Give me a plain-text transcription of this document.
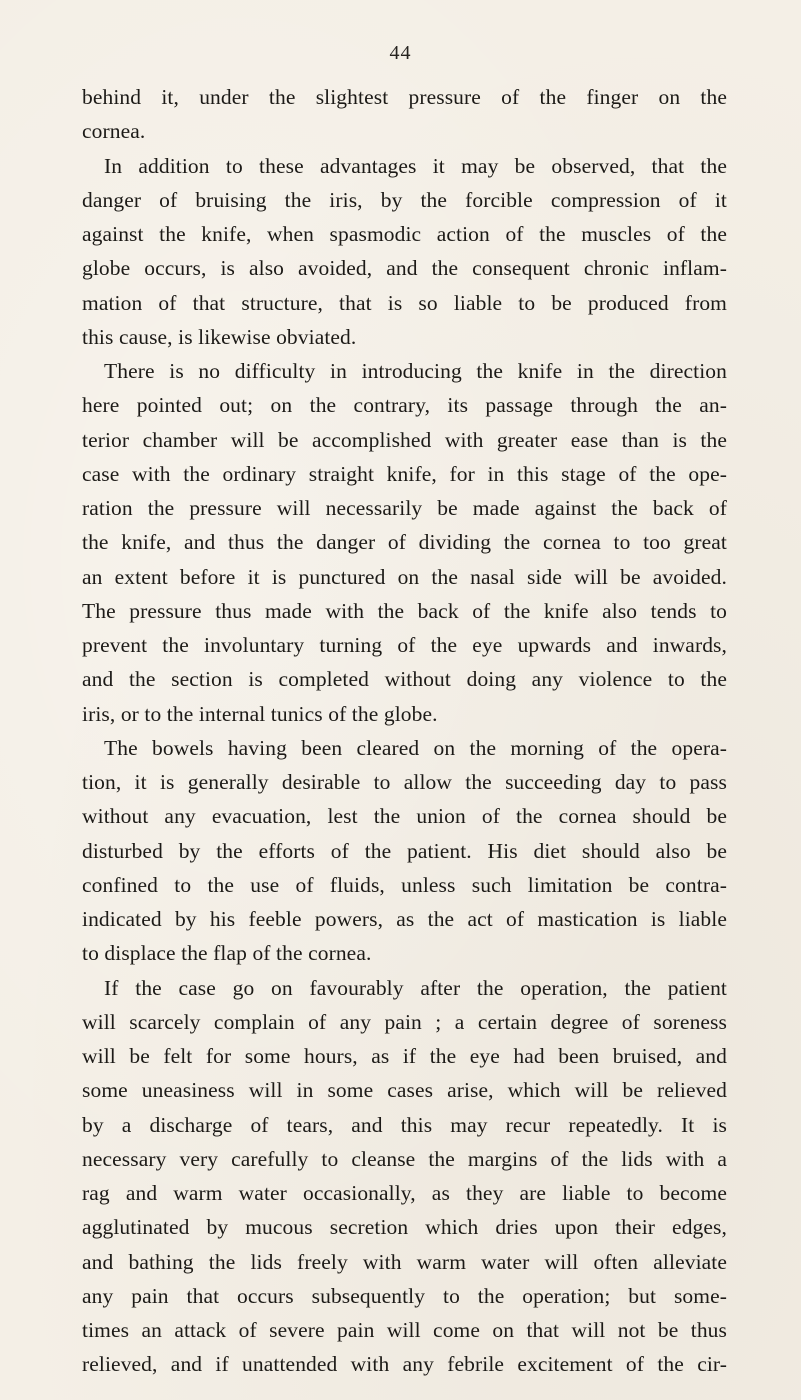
44
behind it, under the slightest pressure of the finger on the
cornea.
In addition to these advantages it may be observed, that the
danger of bruising the iris, by the forcible compression of it
against the knife, when spasmodic action of the muscles of the
globe occurs, is also avoided, and the consequent chronic inflam-
mation of that structure, that is so liable to be produced from
this cause, is likewise obviated.
There is no difficulty in introducing the knife in the direction
here pointed out; on the contrary, its passage through the an-
terior chamber will be accomplished with greater ease than is the
case with the ordinary straight knife, for in this stage of the ope-
ration the pressure will necessarily be made against the back of
the knife, and thus the danger of dividing the cornea to too great
an extent before it is punctured on the nasal side will be avoided.
The pressure thus made with the back of the knife also tends to
prevent the involuntary turning of the eye upwards and inwards,
and the section is completed without doing any violence to the
iris, or to the internal tunics of the globe.
The bowels having been cleared on the morning of the opera-
tion, it is generally desirable to allow the succeeding day to pass
without any evacuation, lest the union of the cornea should be
disturbed by the efforts of the patient. His diet should also be
confined to the use of fluids, unless such limitation be contra-
indicated by his feeble powers, as the act of mastication is liable
to displace the flap of the cornea.
If the case go on favourably after the operation, the patient
will scarcely complain of any pain ; a certain degree of soreness
will be felt for some hours, as if the eye had been bruised, and
some uneasiness will in some cases arise, which will be relieved
by a discharge of tears, and this may recur repeatedly. It is
necessary very carefully to cleanse the margins of the lids with a
rag and warm water occasionally, as they are liable to become
agglutinated by mucous secretion which dries upon their edges,
and bathing the lids freely with warm water will often alleviate
any pain that occurs subsequently to the operation; but some-
times an attack of severe pain will come on that will not be thus
relieved, and if unattended with any febrile excitement of the cir-
